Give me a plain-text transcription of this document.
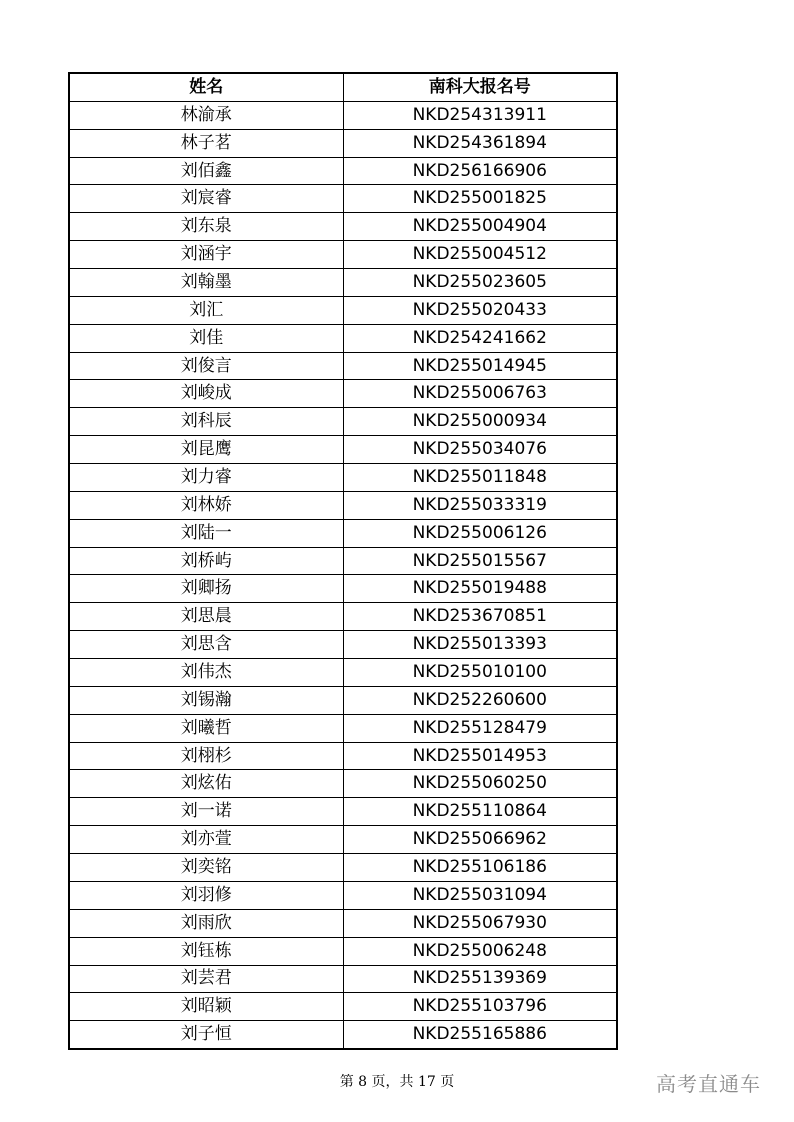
姓名	南科大报名号
林渝承	NKD254313911
林子茗	NKD254361894
刘佰鑫	NKD256166906
刘宸睿	NKD255001825
刘东泉	NKD255004904
刘涵宇	NKD255004512
刘翰墨	NKD255023605
刘汇	NKD255020433
刘佳	NKD254241662
刘俊言	NKD255014945
刘峻成	NKD255006763
刘科辰	NKD255000934
刘昆鹰	NKD255034076
刘力睿	NKD255011848
刘林娇	NKD255033319
刘陆一	NKD255006126
刘桥屿	NKD255015567
刘卿扬	NKD255019488
刘思晨	NKD253670851
刘思含	NKD255013393
刘伟杰	NKD255010100
刘锡瀚	NKD252260600
刘曦哲	NKD255128479
刘栩杉	NKD255014953
刘炫佑	NKD255060250
刘一诺	NKD255110864
刘亦萱	NKD255066962
刘奕铭	NKD255106186
刘羽修	NKD255031094
刘雨欣	NKD255067930
刘钰栋	NKD255006248
刘芸君	NKD255139369
刘昭颖	NKD255103796
刘子恒	NKD255165886
第 8 页，共 17 页	高考直通车
